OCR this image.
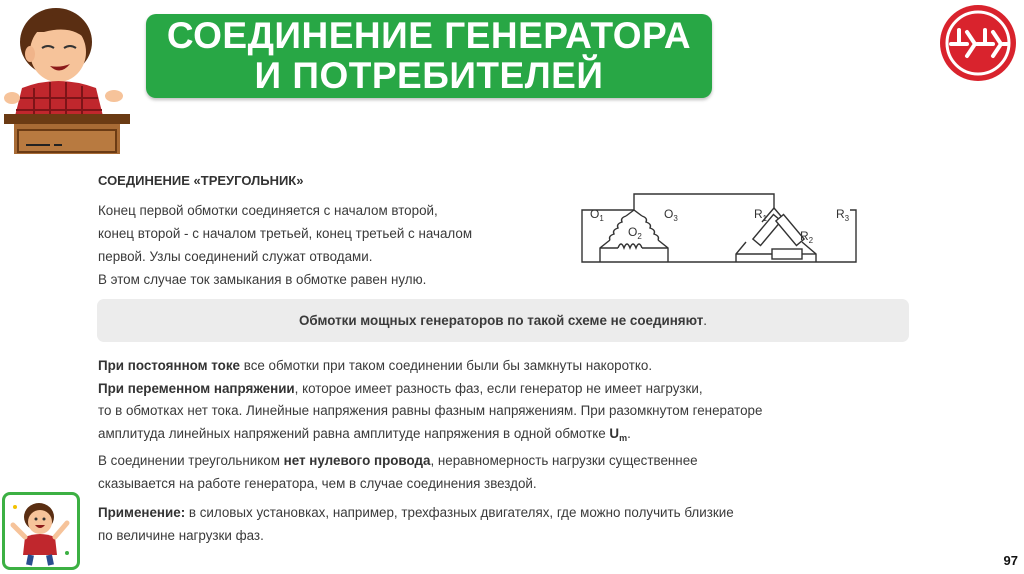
СОЕДИНЕНИЕ ГЕНЕРАТОРА
И ПОТРЕБИТЕЛЕЙ
СОЕДИНЕНИЕ «ТРЕУГОЛЬНИК»
Конец первой обмотки соединяется с началом второй,
конец второй - с началом третьей, конец третьей с началом
первой. Узлы соединений служат отводами.
В этом случае ток замыкания в обмотке равен нулю.
$O_1$	$O_3$
$O_2$
$R_1$	$R_3$
$R_2$
Обмотки мощных генераторов по такой схеме не соединяют.
При постоянном токе все обмотки при таком соединении были бы замкнуты накоротко.
При переменном напряжении, которое имеет разность фаз, если генератор не имеет нагрузки,
то в обмотках нет тока. Линейные напряжения равны фазным напряжениям. При разомкнутом генераторе
амплитуда линейных напряжений равна амплитуде напряжения в одной обмотке $U_m$.
В соединении треугольником нет нулевого провода, неравномерность нагрузки существеннее
сказывается на работе генератора, чем в случае соединения звездой.
Применение: в силовых установках, например, трехфазных двигателях, где можно получить близкие
по величине нагрузки фаз.
97
